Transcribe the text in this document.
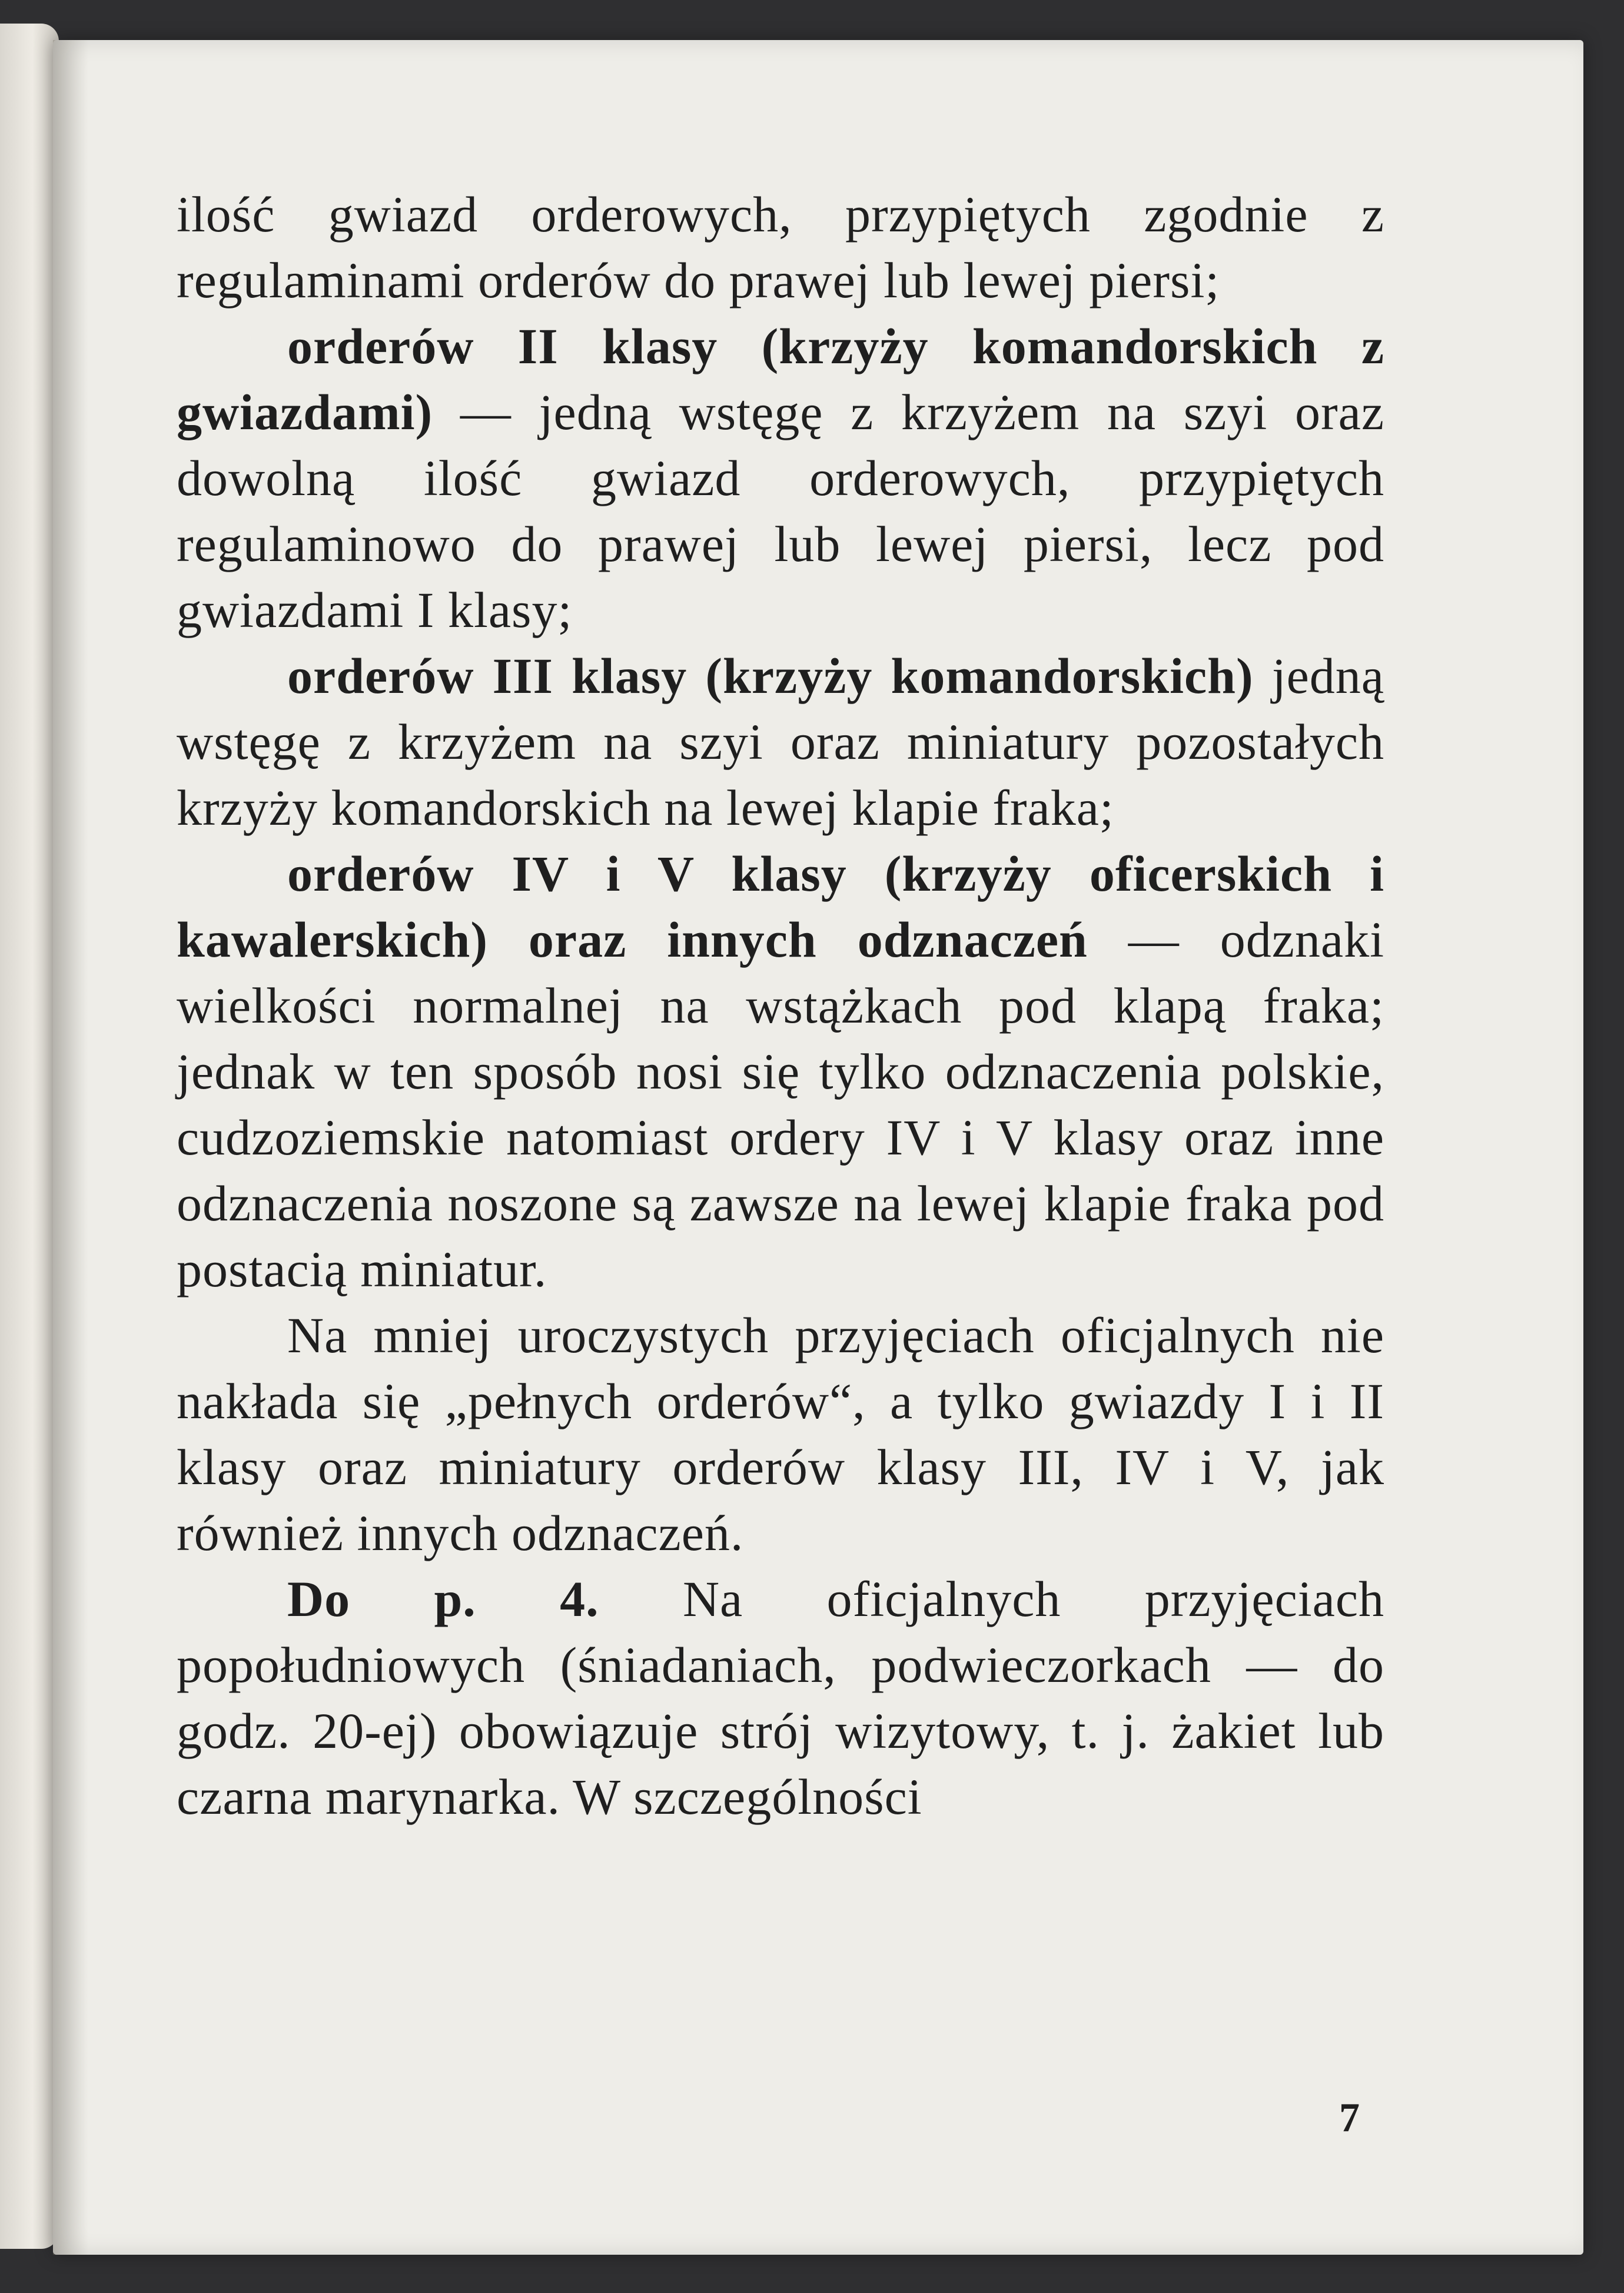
ilość gwiazd orderowych, przypiętych zgodnie z regulaminami orderów do prawej lub lewej piersi;

orderów II klasy (krzyży komandorskich z gwiazdami) — jedną wstęgę z krzyżem na szyi oraz dowolną ilość gwiazd orderowych, przypiętych regulaminowo do prawej lub lewej piersi, lecz pod gwiazdami I klasy;

orderów III klasy (krzyży komandorskich) jedną wstęgę z krzyżem na szyi oraz miniatury pozostałych krzyży komandorskich na lewej klapie fraka;

orderów IV i V klasy (krzyży oficerskich i kawalerskich) oraz innych odznaczeń — odznaki wielkości normalnej na wstążkach pod klapą fraka; jednak w ten sposób nosi się tylko odznaczenia polskie, cudzoziemskie natomiast ordery IV i V klasy oraz inne odznaczenia noszone są zawsze na lewej klapie fraka pod postacią miniatur.

Na mniej uroczystych przyjęciach oficjalnych nie nakłada się „pełnych orderów“, a tylko gwiazdy I i II klasy oraz miniatury orderów klasy III, IV i V, jak również innych odznaczeń.

Do p. 4. Na oficjalnych przyjęciach popołudniowych (śniadaniach, podwieczorkach — do godz. 20-ej) obowiązuje strój wizytowy, t. j. żakiet lub czarna marynarka. W szczególności

7
